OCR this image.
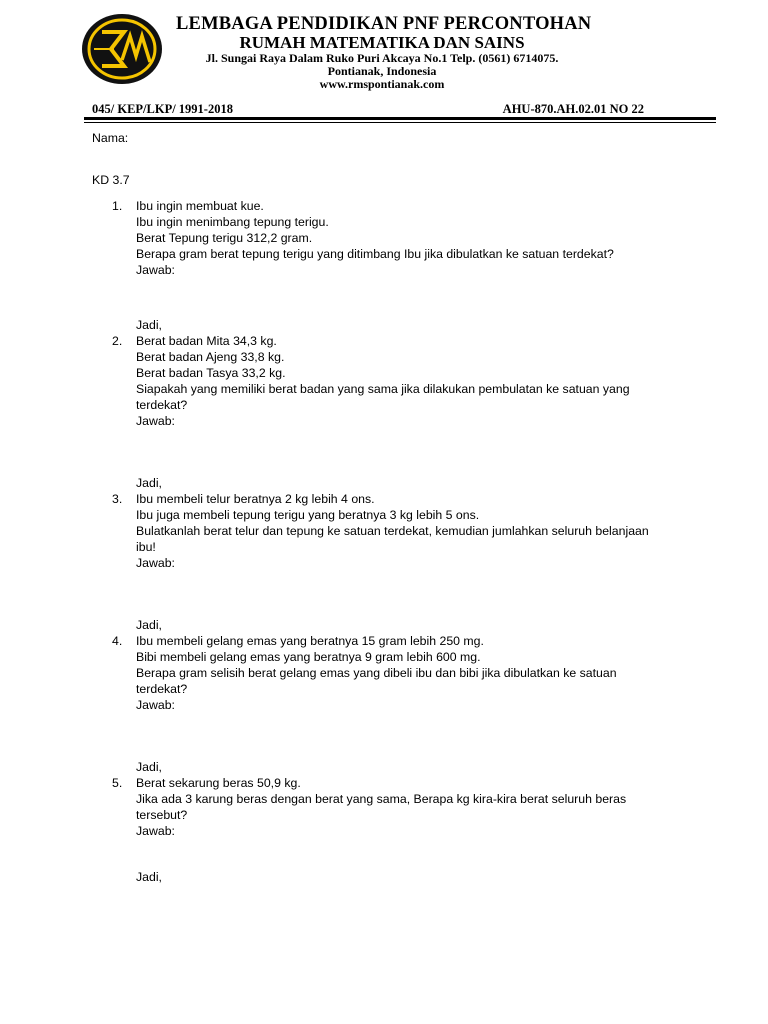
LEMBAGA PENDIDIKAN PNF PERCONTOHAN
RUMAH MATEMATIKA DAN SAINS
Jl. Sungai Raya Dalam Ruko Puri Akcaya No.1 Telp. (0561) 6714075.
Pontianak, Indonesia
www.rmspontianak.com
045/ KEP/LKP/ 1991-2018	AHU-870.AH.02.01 NO 22
Nama:
KD 3.7
1. Ibu ingin membuat kue.
Ibu ingin menimbang tepung terigu.
Berat Tepung terigu 312,2 gram.
Berapa gram berat tepung terigu yang ditimbang Ibu jika dibulatkan ke satuan terdekat?
Jawab:
Jadi,
2. Berat badan Mita 34,3 kg.
Berat badan Ajeng 33,8 kg.
Berat badan Tasya 33,2 kg.
Siapakah yang memiliki berat badan yang sama jika dilakukan pembulatan ke satuan yang
terdekat?
Jawab:
Jadi,
3. Ibu membeli telur beratnya 2 kg lebih 4 ons.
Ibu juga membeli tepung terigu yang beratnya 3 kg lebih 5 ons.
Bulatkanlah berat telur dan tepung ke satuan terdekat, kemudian jumlahkan seluruh belanjaan
ibu!
Jawab:
Jadi,
4. Ibu membeli gelang emas yang beratnya 15 gram lebih 250 mg.
Bibi membeli gelang emas yang beratnya 9 gram lebih 600 mg.
Berapa gram selisih berat gelang emas yang dibeli ibu dan bibi jika dibulatkan ke satuan
terdekat?
Jawab:
Jadi,
5. Berat sekarung beras 50,9 kg.
Jika ada 3 karung beras dengan berat yang sama, Berapa kg kira-kira berat seluruh beras
tersebut?
Jawab:
Jadi,
